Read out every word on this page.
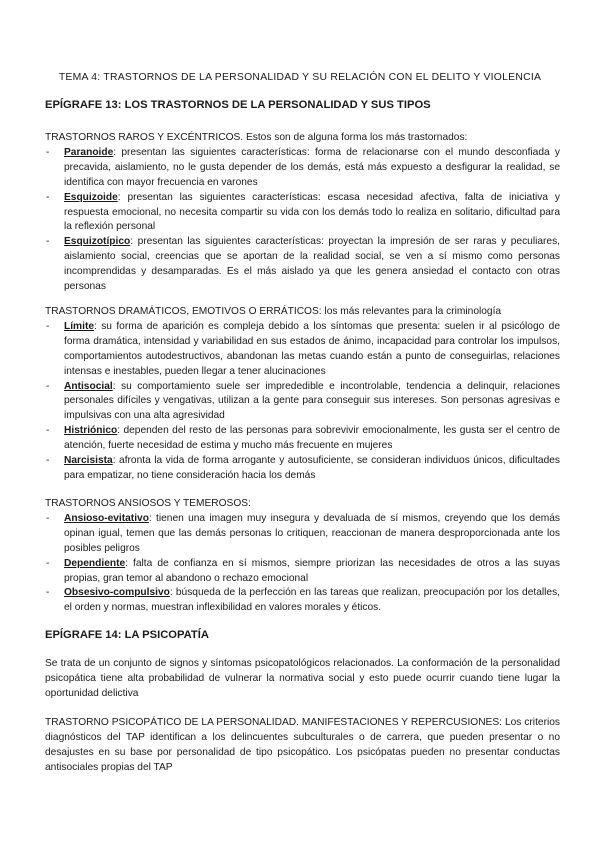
TEMA 4: TRASTORNOS DE LA PERSONALIDAD Y SU RELACIÓN CON EL DELITO Y VIOLENCIA
EPÍGRAFE 13: LOS TRASTORNOS DE LA PERSONALIDAD Y SUS TIPOS

TRASTORNOS RAROS Y EXCÉNTRICOS. Estos son de alguna forma los más trastornados:

- Paranoide: presentan las siguientes características: forma de relacionarse con el mundo desconfiada y precavida, aislamiento, no le gusta depender de los demás, está más expuesto a desfigurar la realidad, se identifica con mayor frecuencia en varones
- Esquizoide: presentan las siguientes características: escasa necesidad afectiva, falta de iniciativa y respuesta emocional, no necesita compartir su vida con los demás todo lo realiza en solitario, dificultad para la reflexión personal
- Esquizotípico: presentan las siguientes características: proyectan la impresión de ser raras y peculiares, aislamiento social, creencias que se aportan de la realidad social, se ven a sí mismo como personas incomprendidas y desamparadas. Es el más aislado ya que les genera ansiedad el contacto con otras personas

TRASTORNOS DRAMÁTICOS, EMOTIVOS O ERRÁTICOS: los más relevantes para la criminología

- Límite: su forma de aparición es compleja debido a los síntomas que presenta: suelen ir al psicólogo de forma dramática, intensidad y variabilidad en sus estados de ánimo, incapacidad para controlar los impulsos, comportamientos autodestructivos, abandonan las metas cuando están a punto de conseguirlas, relaciones intensas e inestables, pueden llegar a tener alucinaciones
- Antisocial: su comportamiento suele ser imprededible e incontrolable, tendencia a delinquir, relaciones personales difíciles y vengativas, utilizan a la gente para conseguir sus intereses. Son personas agresivas e impulsivas con una alta agresividad
- Histriónico: dependen del resto de las personas para sobrevivir emocionalmente, les gusta ser el centro de atención, fuerte necesidad de estima y mucho más frecuente en mujeres
- Narcisista: afronta la vida de forma arrogante y autosuficiente, se consideran individuos únicos, dificultades para empatizar, no tiene consideración hacia los demás

TRASTORNOS ANSIOSOS Y TEMEROSOS:

- Ansioso-evitativo: tienen una imagen muy insegura y devaluada de sí mismos, creyendo que los demás opinan igual, temen que las demás personas lo critiquen, reaccionan de manera desproporcionada ante los posibles peligros
- Dependiente: falta de confianza en sí mismos, siempre priorizan las necesidades de otros a las suyas propias, gran temor al abandono o rechazo emocional
- Obsesivo-compulsivo: búsqueda de la perfección en las tareas que realizan, preocupación por los detalles, el orden y normas, muestran inflexibilidad en valores morales y éticos.
EPÍGRAFE 14: LA PSICOPATÍA

Se trata de un conjunto de signos y síntomas psicopatológicos relacionados. La conformación de la personalidad psicopática tiene alta probabilidad de vulnerar la normativa social y esto puede ocurrir cuando tiene lugar la oportunidad delictiva

TRASTORNO PSICOPÁTICO DE LA PERSONALIDAD. MANIFESTACIONES Y REPERCUSIONES: Los criterios diagnósticos del TAP identifican a los delincuentes subculturales o de carrera, que pueden presentar o no desajustes en su base por personalidad de tipo psicopático. Los psicópatas pueden no presentar conductas antisociales propias del TAP
